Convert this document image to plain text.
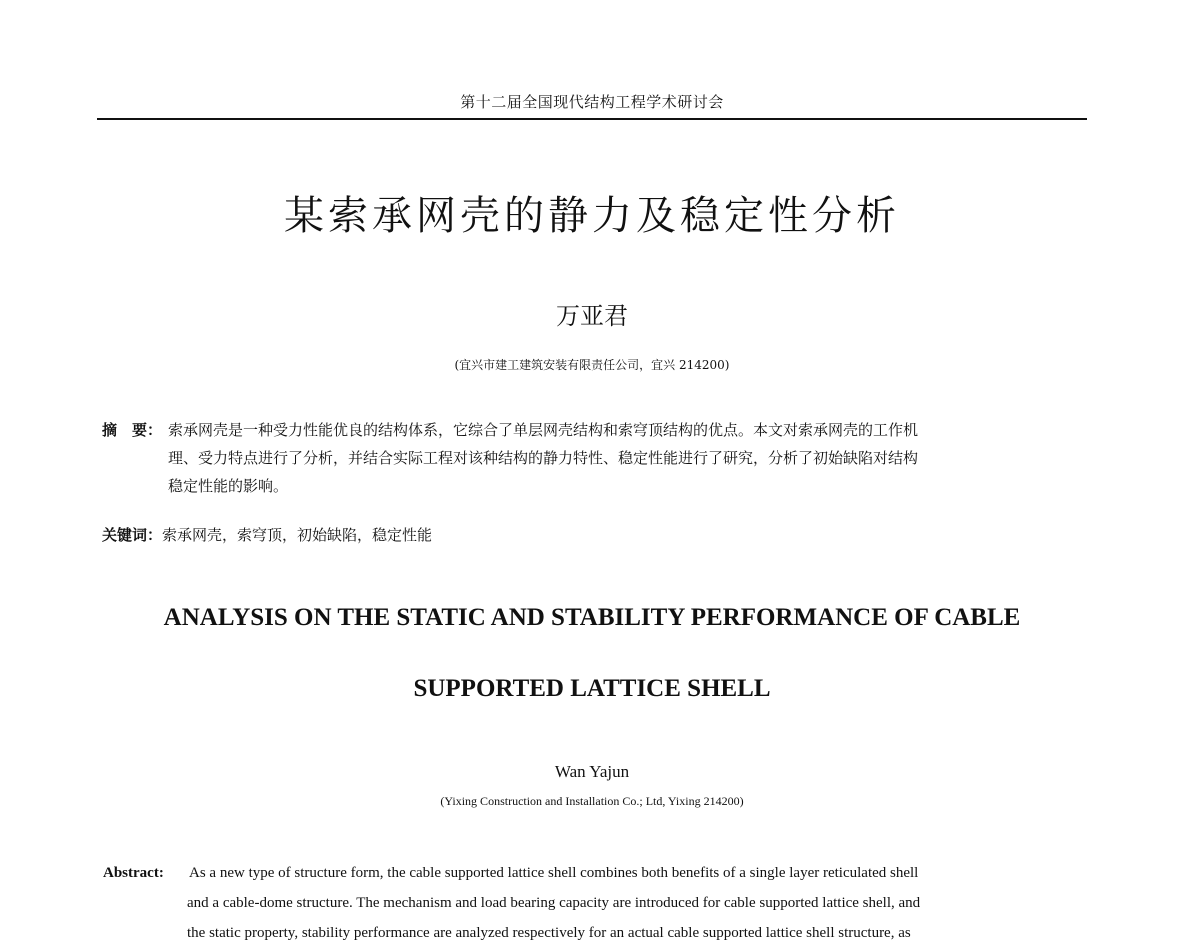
第十二届全国现代结构工程学术研讨会
某索承网壳的静力及稳定性分析
万亚君
(宜兴市建工建筑安装有限责任公司，宜兴 214200)
摘　要： 索承网壳是一种受力性能优良的结构体系，它综合了单层网壳结构和索穹顶结构的优点。本文对索承网壳的工作机
理、受力特点进行了分析，并结合实际工程对该种结构的静力特性、稳定性能进行了研究，分析了初始缺陷对结构
稳定性能的影响。
关键词：索承网壳，索穹顶，初始缺陷，稳定性能
ANALYSIS ON THE STATIC AND STABILITY PERFORMANCE OF CABLE
SUPPORTED LATTICE SHELL
Wan Yajun
(Yixing Construction and Installation Co.; Ltd, Yixing 214200)
Abstract: As a new type of structure form, the cable supported lattice shell combines both benefits of a single layer reticulated shell
and a cable-dome structure. The mechanism and load bearing capacity are introduced for cable supported lattice shell, and
the static property, stability performance are analyzed respectively for an actual cable supported lattice shell structure, as
